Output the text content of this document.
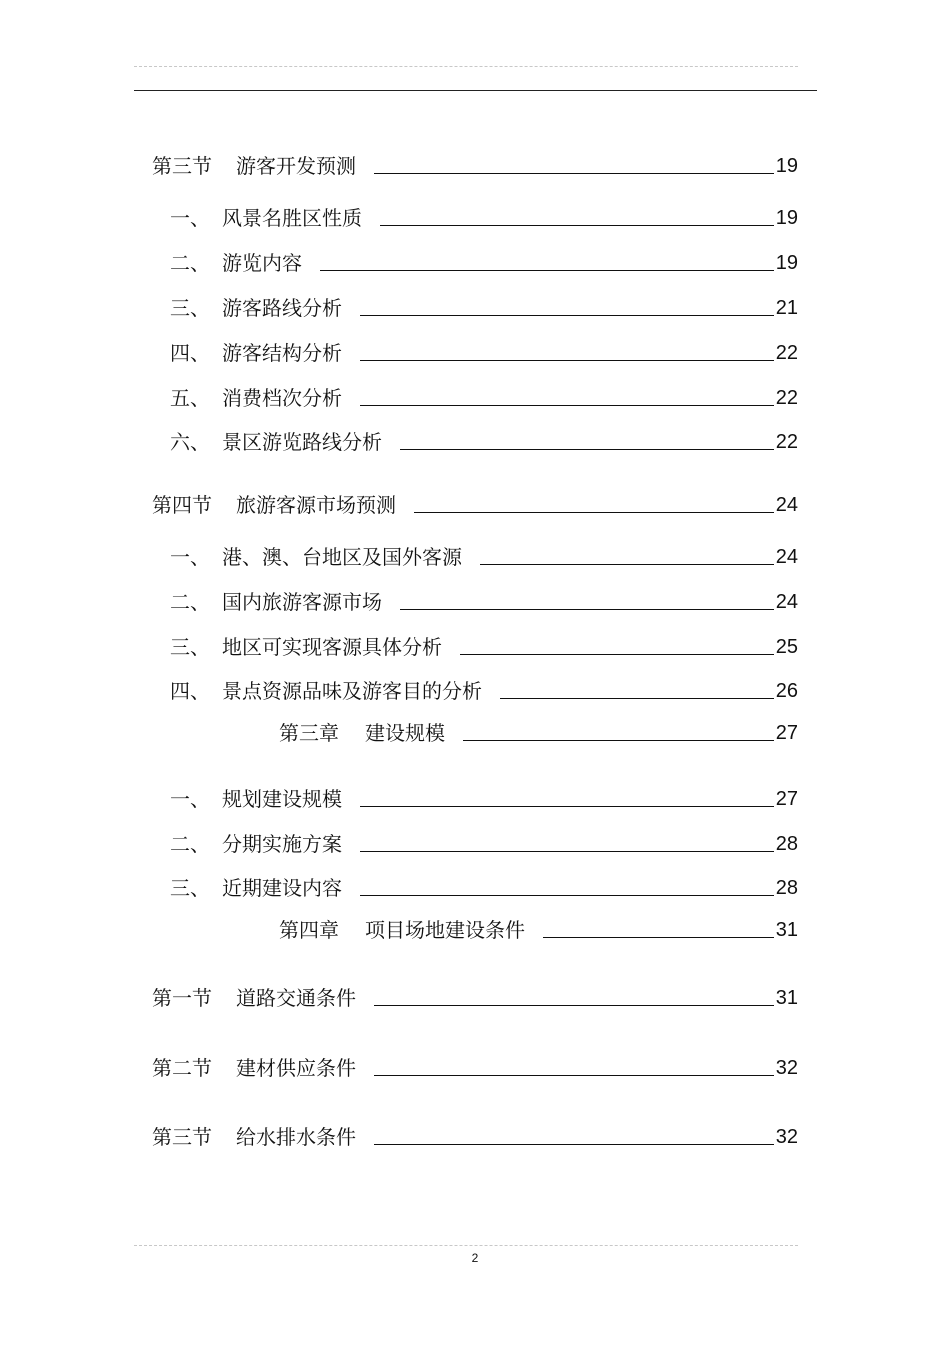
第三节	游客开发预测	19
一、 风景名胜区性质	19
二、 游览内容	19
三、 游客路线分析	21
四、 游客结构分析	22
五、 消费档次分析	22
六、 景区游览路线分析	22
第四节	旅游客源市场预测	24
一、 港、澳、台地区及国外客源	24
二、 国内旅游客源市场	24
三、 地区可实现客源具体分析	25
四、 景点资源品味及游客目的分析	26
第三章	建设规模	27
一、 规划建设规模	27
二、 分期实施方案	28
三、 近期建设内容	28
第四章	项目场地建设条件	31
第一节	道路交通条件	31
第二节	建材供应条件	32
第三节	给水排水条件	32
2
